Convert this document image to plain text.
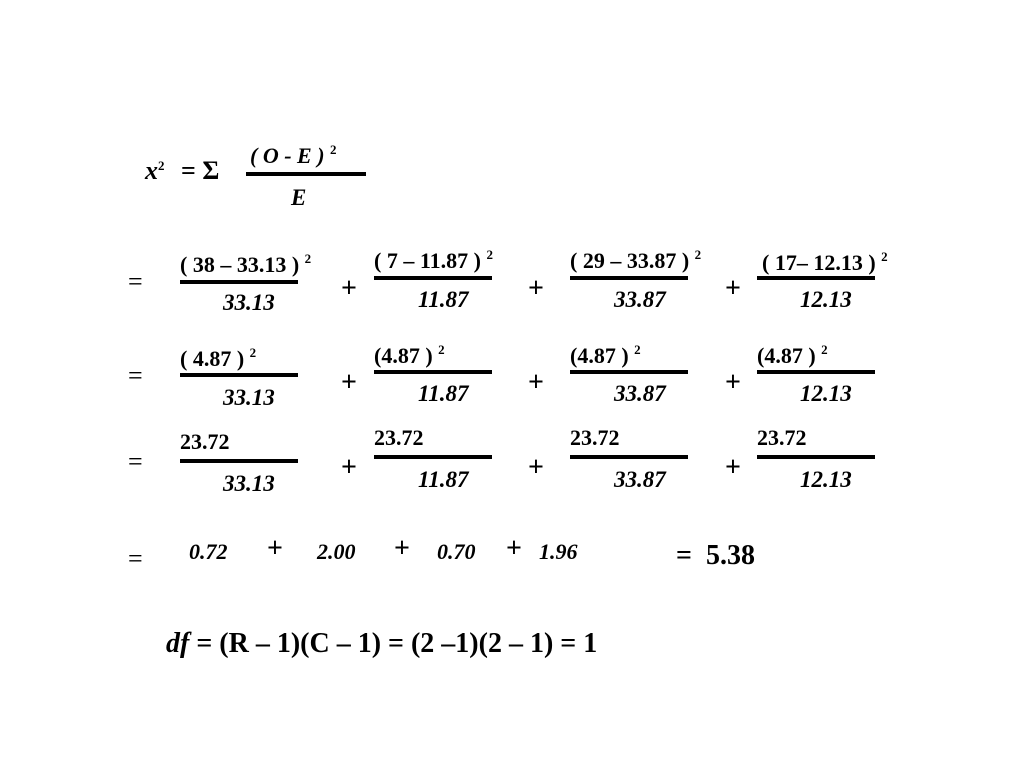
$x^2 = \Sigma$
( O - E ) $^2$
E
=
( 38 – 33.13 ) $^2$
33.13 +
( 7 – 11.87 ) $^2$
11.87 +
( 29 – 33.87 ) $^2$
33.87 +
( 17– 12.13 ) $^2$
12.13
=
( 4.87 ) $^2$
33.13 +
(4.87 ) $^2$
11.87 +
(4.87 ) $^2$
33.87 +
(4.87 ) $^2$
12.13
=
23.72
33.13
+
23.72
11.87 +
23.72
33.87 +
23.72
12.13
= 0.72 + 2.00 + 0.70 + 1.96	=  5.38

df = (R – 1)(C – 1) = (2 –1)(2 – 1) = 1
